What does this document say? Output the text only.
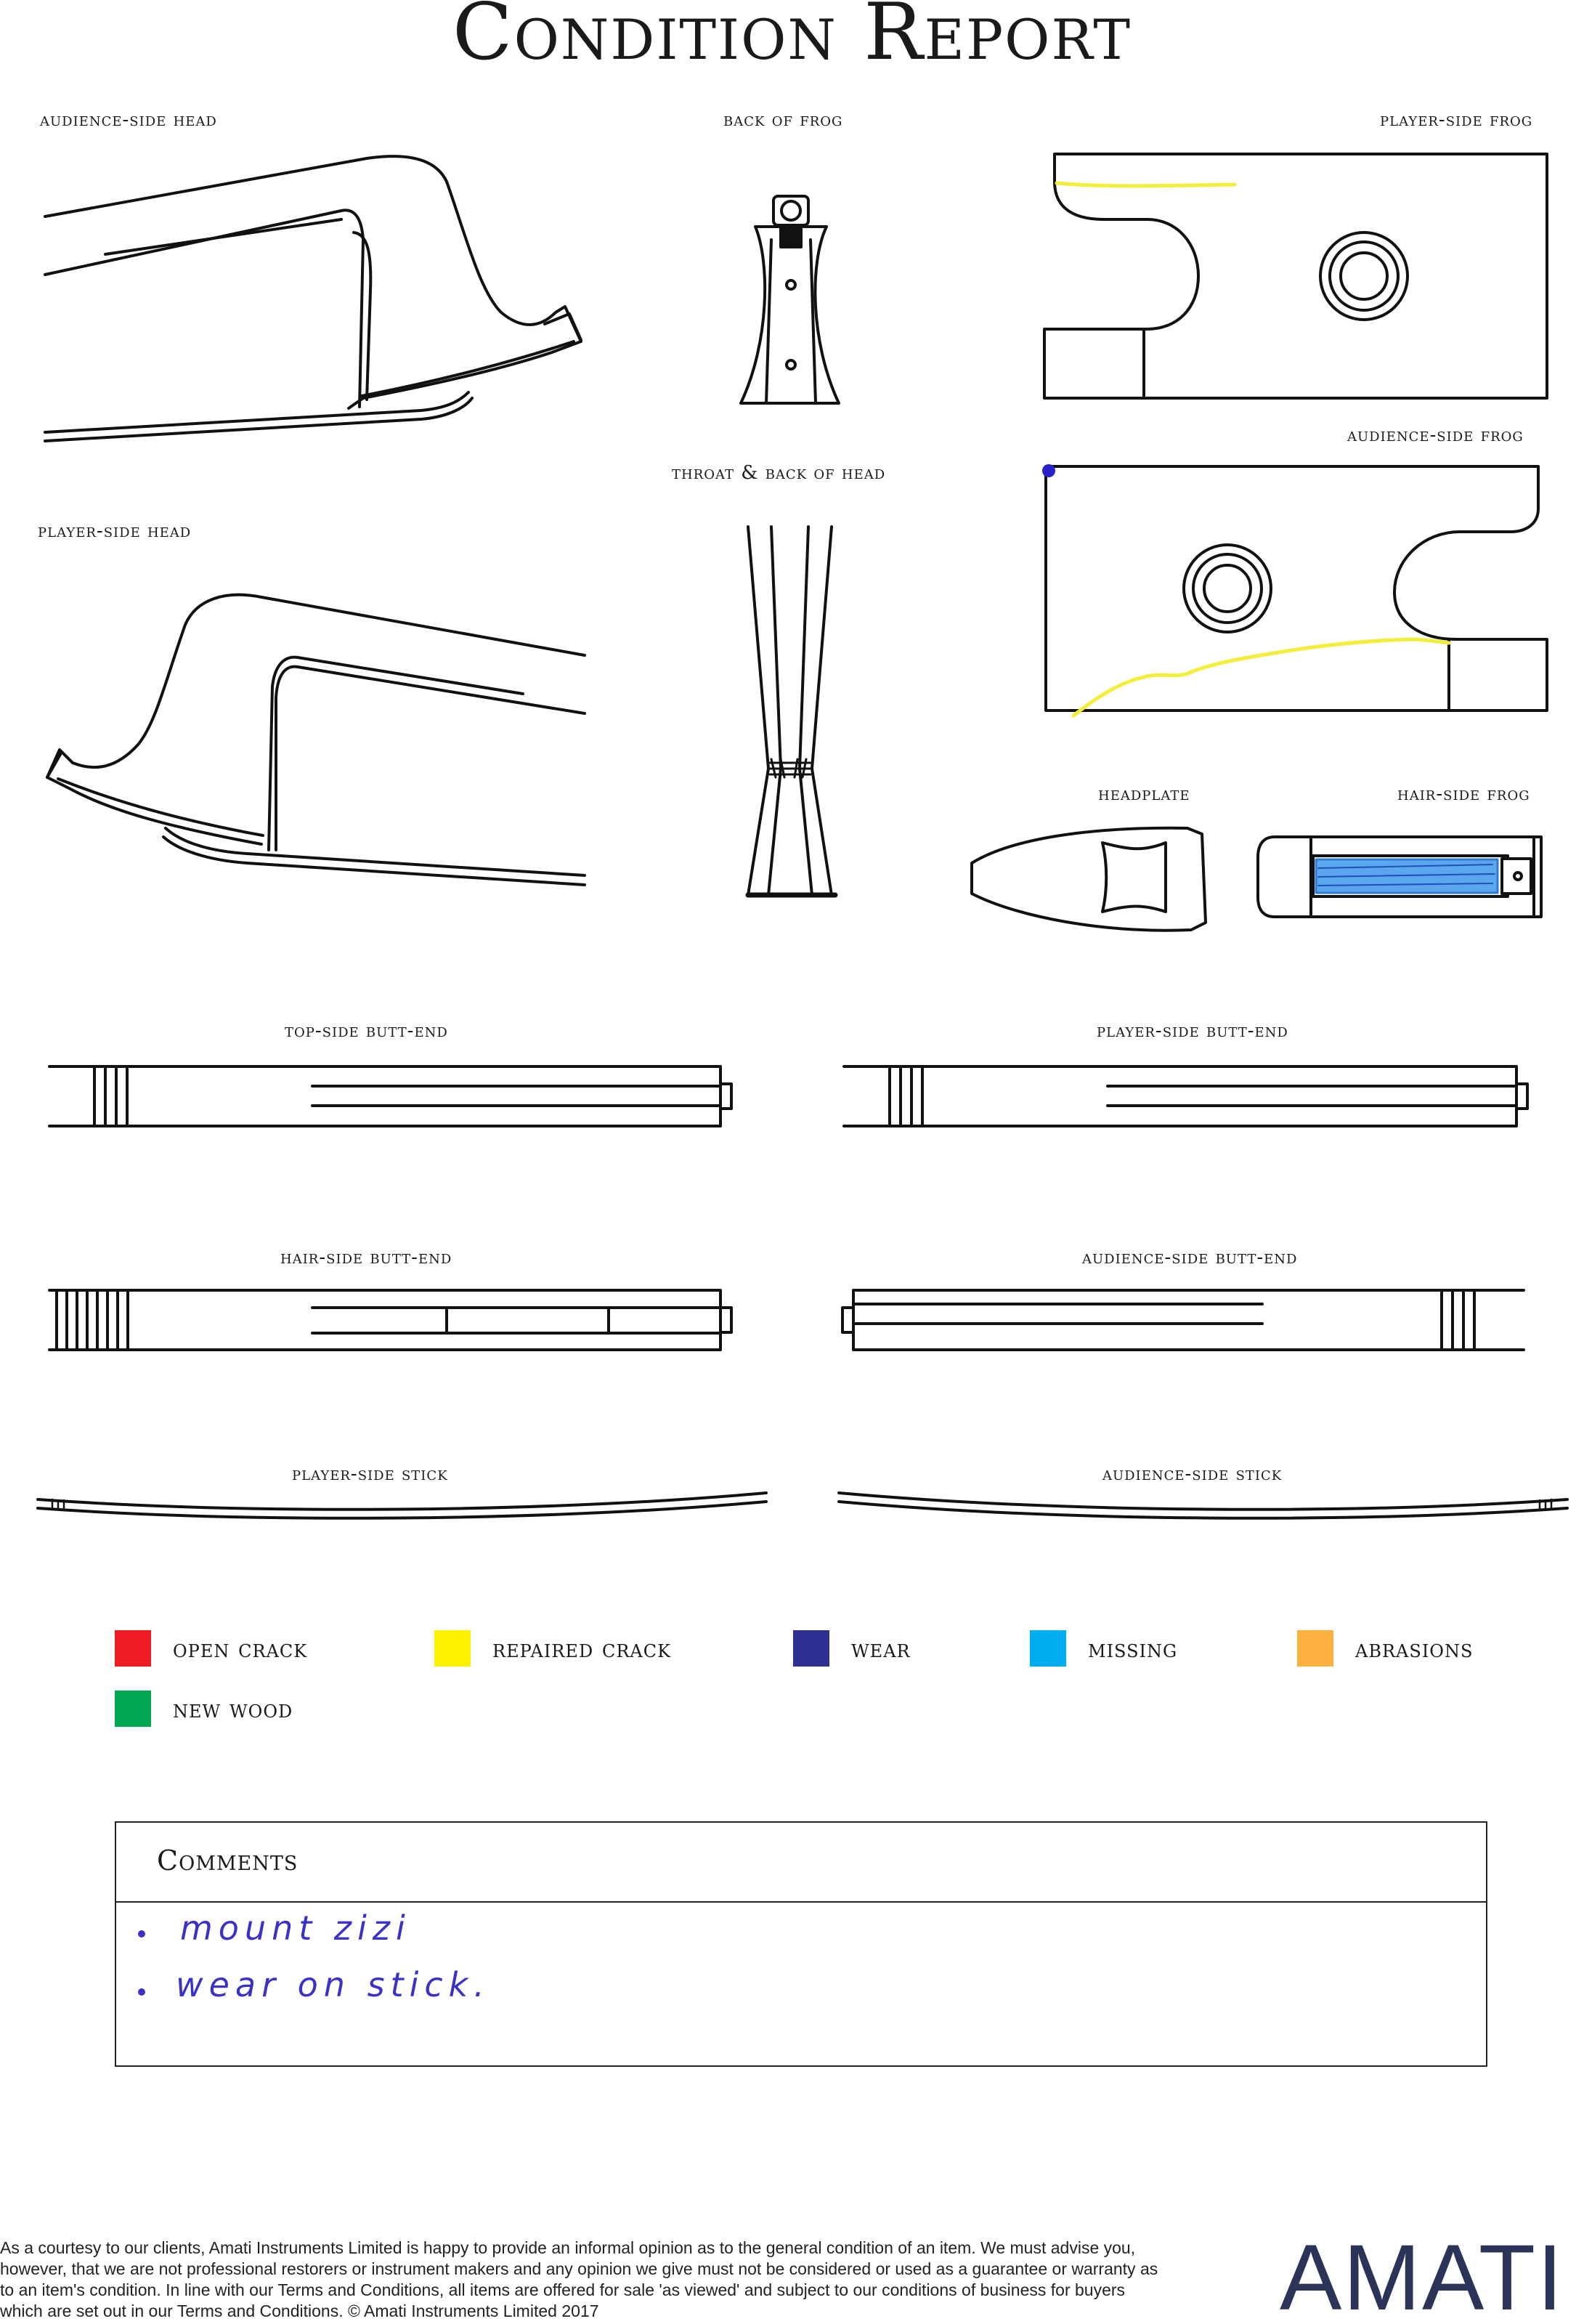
Condition Report
audience-side head	back of frog	player-side frog
audience-side frog
throat & back of head
player-side head
headplate	hair-side frog
top-side butt-end	player-side butt-end
hair-side butt-end	audience-side butt-end
player-side stick	audience-side stick
open crack	repaired crack	wear	missing	abrasions
new wood
Comments
mount zizi
wear on stick.
As a courtesy to our clients, Amati Instruments Limited is happy to provide an informal opinion as to the general condition of an item. We must advise you, however, that we are not professional restorers or instrument makers and any opinion we give must not be considered or used as a guarantee or warranty as to an item's condition. In line with our Terms and Conditions, all items are offered for sale 'as viewed' and subject to our conditions of business for buyers which are set out in our Terms and Conditions. © Amati Instruments Limited 2017	AMATI
